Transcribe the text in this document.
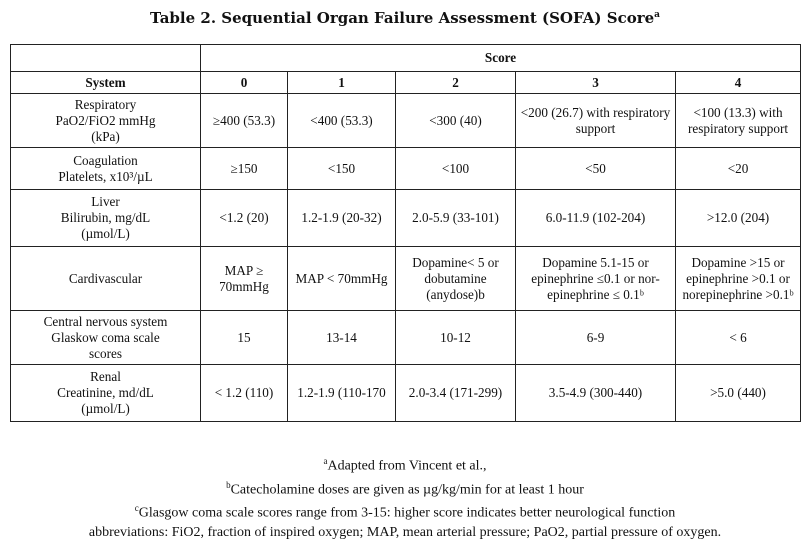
Table 2. Sequential Organ Failure Assessment (SOFA) Score$^a$
	Score				
System	0	1	2	3	4

Respiratory
PaO2/FiO2 mmHg
(kPa)	≥400 (53.3)	<400 (53.3)	<300 (40)	<200 (26.7) with respiratory support	<100 (13.3) with respiratory support

Coagulation
Platelets, x10³/µL	≥150	<150	<100	<50	<20

Liver
Bilirubin, mg/dL
(µmol/L)	<1.2 (20)	1.2-1.9 (20-32)	2.0-5.9 (33-101)	6.0-11.9 (102-204)	>12.0 (204)

Cardivascular	MAP ≥ 70mmHg	MAP < 70mmHg	Dopamine< 5 or dobutamine (anydose)b	Dopamine 5.1-15 or epinephrine ≤0.1 or nor-epinephrine ≤ 0.1ᵇ	Dopamine >15 or epinephrine >0.1 or norepinephrine >0.1ᵇ

Central nervous system
Glaskow coma scale
scores	15	13-14	10-12	6-9	< 6

Renal
Creatinine, md/dL
(µmol/L)	< 1.2 (110)	1.2-1.9 (110-170	2.0-3.4 (171-299)	3.5-4.9 (300-440)	>5.0 (440)
$^a$Adapted from Vincent et al.,
$^b$Catecholamine doses are given as µg/kg/min for at least 1 hour
$^c$Glasgow coma scale scores range from 3-15: higher score indicates better neurological function
abbreviations: FiO2, fraction of inspired oxygen; MAP, mean arterial pressure; PaO2, partial pressure of oxygen.
